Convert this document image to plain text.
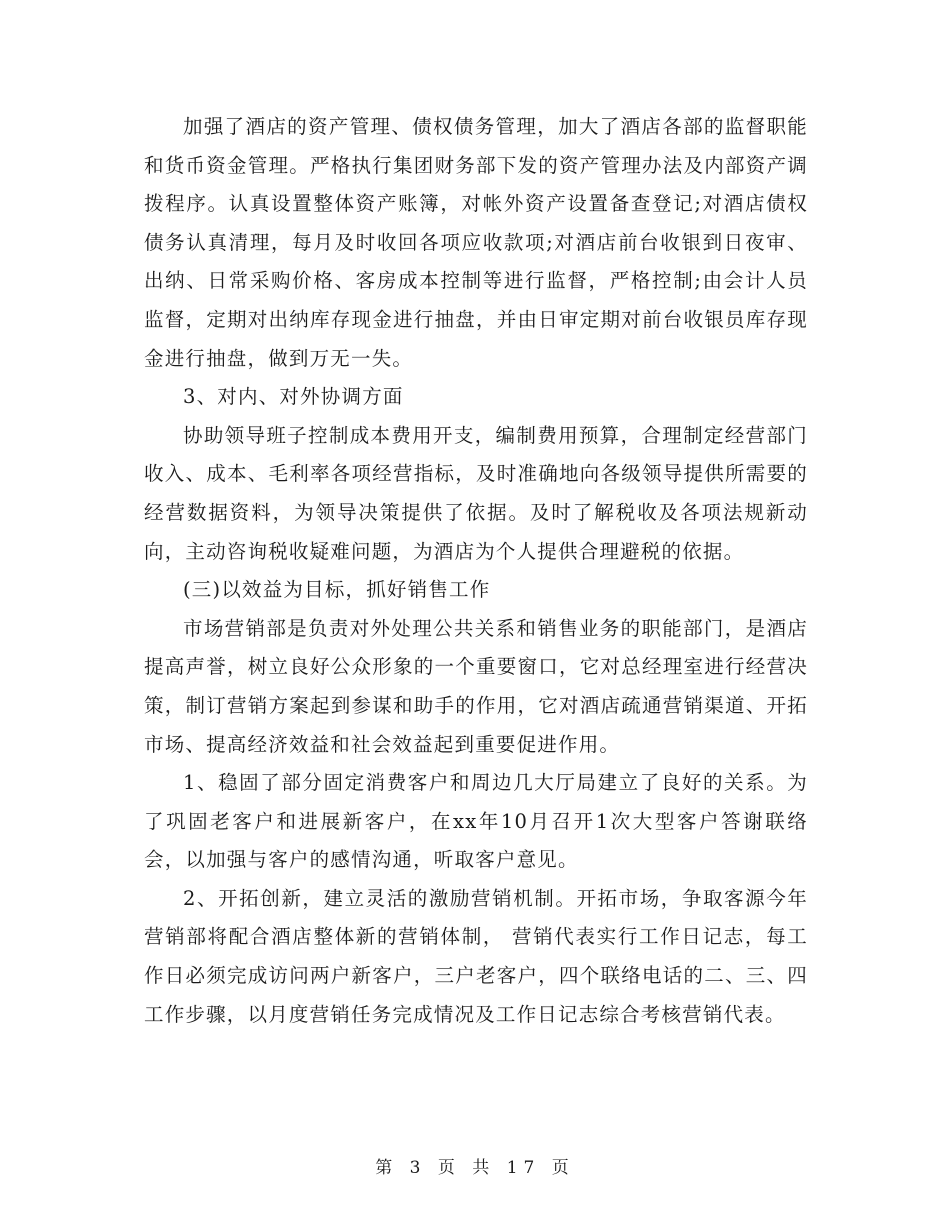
加强了酒店的资产管理、债权债务管理，加大了酒店各部的监督职能和货币资金管理。严格执行集团财务部下发的资产管理办法及内部资产调拨程序。认真设置整体资产账簿，对帐外资产设置备查登记;对酒店债权债务认真清理，每月及时收回各项应收款项;对酒店前台收银到日夜审、出纳、日常采购价格、客房成本控制等进行监督，严格控制;由会计人员监督，定期对出纳库存现金进行抽盘，并由日审定期对前台收银员库存现金进行抽盘，做到万无一失。

3、对内、对外协调方面

协助领导班子控制成本费用开支，编制费用预算，合理制定经营部门收入、成本、毛利率各项经营指标，及时准确地向各级领导提供所需要的经营数据资料，为领导决策提供了依据。及时了解税收及各项法规新动向，主动咨询税收疑难问题，为酒店为个人提供合理避税的依据。

(三)以效益为目标，抓好销售工作

市场营销部是负责对外处理公共关系和销售业务的职能部门，是酒店提高声誉，树立良好公众形象的一个重要窗口，它对总经理室进行经营决策，制订营销方案起到参谋和助手的作用，它对酒店疏通营销渠道、开拓市场、提高经济效益和社会效益起到重要促进作用。

1、稳固了部分固定消费客户和周边几大厅局建立了良好的关系。为了巩固老客户和进展新客户，在xx年10月召开1次大型客户答谢联络会，以加强与客户的感情沟通，听取客户意见。

2、开拓创新，建立灵活的激励营销机制。开拓市场，争取客源今年营销部将配合酒店整体新的营销体制， 营销代表实行工作日记志，每工作日必须完成访问两户新客户，三户老客户，四个联络电话的二、三、四工作步骤，以月度营销任务完成情况及工作日记志综合考核营销代表。

第 3 页 共 17 页
